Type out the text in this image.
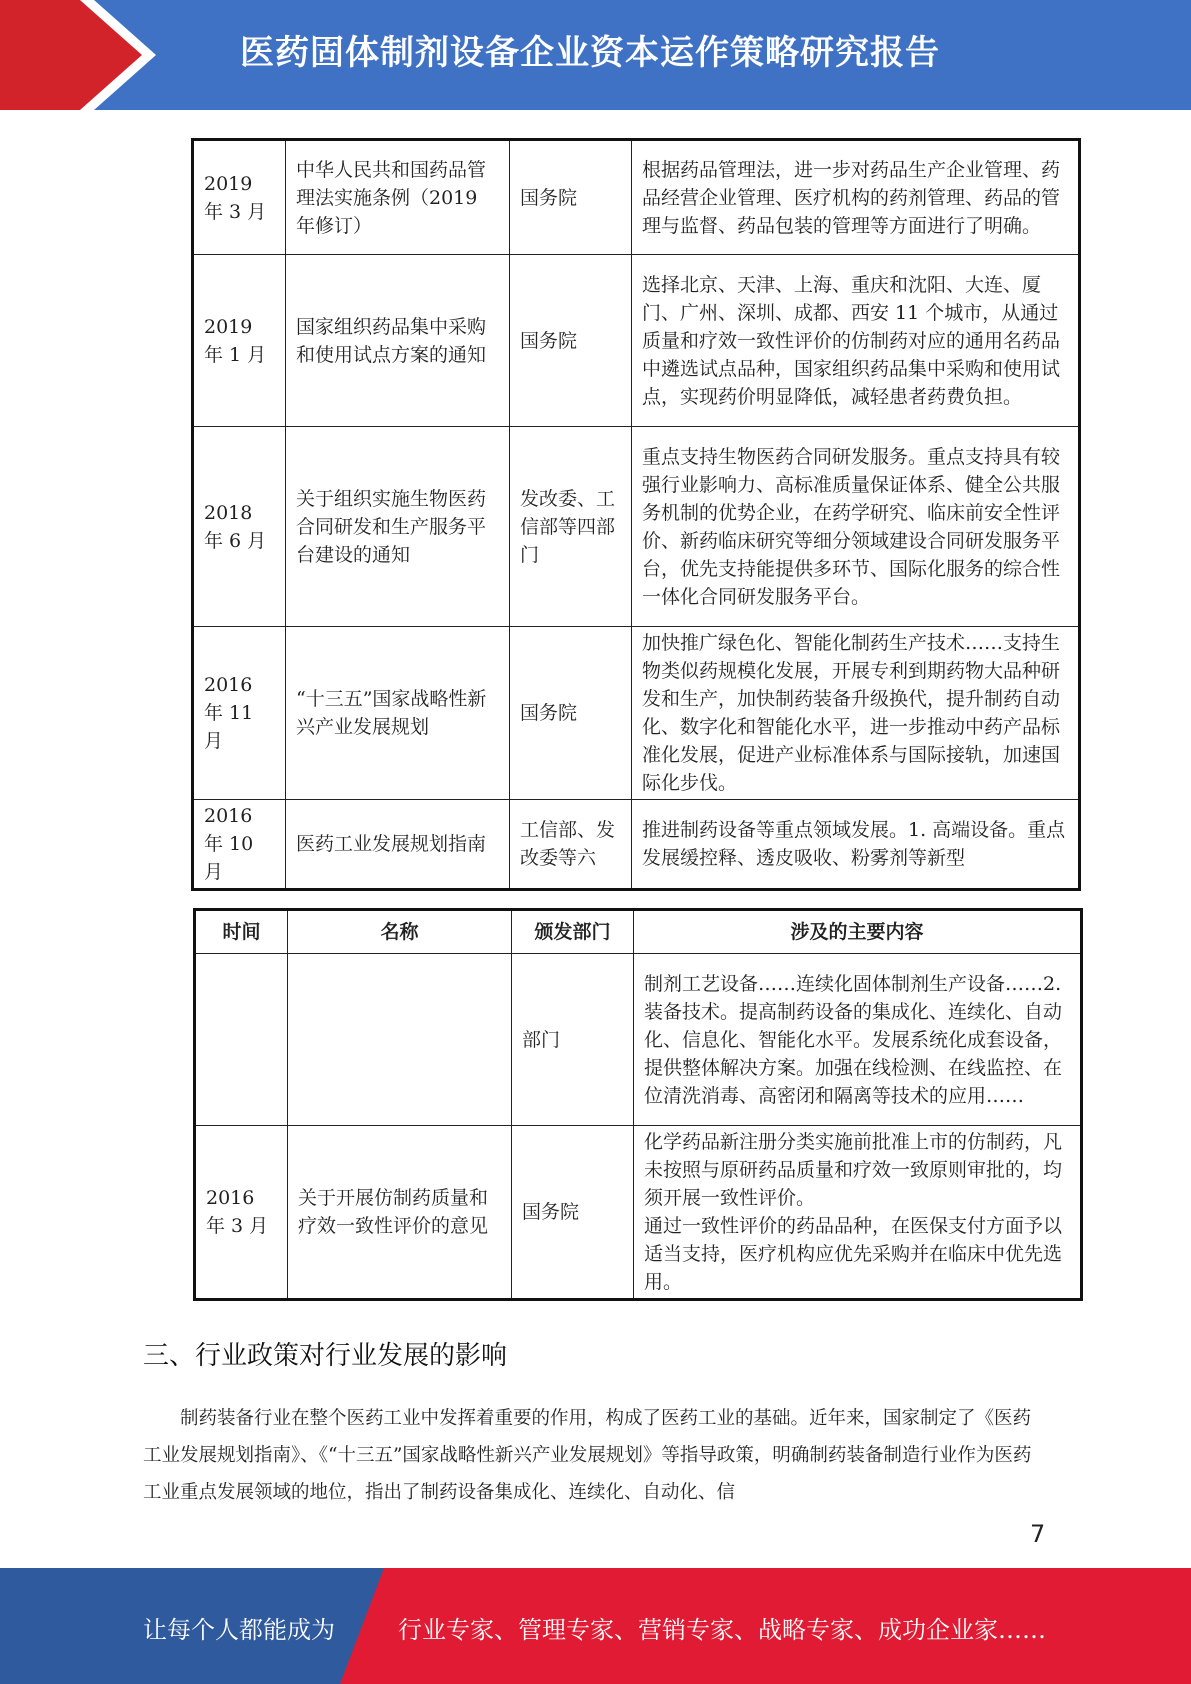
医药固体制剂设备企业资本运作策略研究报告
2019 年 3 月	中华人民共和国药品管理法实施条例（2019 年修订）	国务院	根据药品管理法，进一步对药品生产企业管理、药品经营企业管理、医疗机构的药剂管理、药品的管理与监督、药品包装的管理等方面进行了明确。
2019 年 1 月	国家组织药品集中采购和使用试点方案的通知	国务院	选择北京、天津、上海、重庆和沈阳、大连、厦门、广州、深圳、成都、西安 11 个城市，从通过质量和疗效一致性评价的仿制药对应的通用名药品中遴选试点品种，国家组织药品集中采购和使用试点，实现药价明显降低，减轻患者药费负担。
2018 年 6 月	关于组织实施生物医药合同研发和生产服务平台建设的通知	发改委、工信部等四部门	重点支持生物医药合同研发服务。重点支持具有较强行业影响力、高标准质量保证体系、健全公共服务机制的优势企业，在药学研究、临床前安全性评价、新药临床研究等细分领域建设合同研发服务平台，优先支持能提供多环节、国际化服务的综合性一体化合同研发服务平台。
2016 年 11 月	“十三五”国家战略性新兴产业发展规划	国务院	加快推广绿色化、智能化制药生产技术……支持生物类似药规模化发展，开展专利到期药物大品种研发和生产，加快制药装备升级换代，提升制药自动化、数字化和智能化水平，进一步推动中药产品标准化发展，促进产业标准体系与国际接轨，加速国际化步伐。
2016 年 10 月	医药工业发展规划指南	工信部、发改委等六	推进制药设备等重点领域发展。1. 高端设备。重点发展缓控释、透皮吸收、粉雾剂等新型
时间	名称	颁发部门	涉及的主要内容
		部门	制剂工艺设备……连续化固体制剂生产设备……2. 装备技术。提高制药设备的集成化、连续化、自动化、信息化、智能化水平。发展系统化成套设备，提供整体解决方案。加强在线检测、在线监控、在位清洗消毒、高密闭和隔离等技术的应用……
2016 年 3 月	关于开展仿制药质量和疗效一致性评价的意见	国务院	化学药品新注册分类实施前批准上市的仿制药，凡未按照与原研药品质量和疗效一致原则审批的，均须开展一致性评价。
通过一致性评价的药品品种，在医保支付方面予以适当支持，医疗机构应优先采购并在临床中优先选用。
三、行业政策对行业发展的影响
制药装备行业在整个医药工业中发挥着重要的作用，构成了医药工业的基础。近年来，国家制定了《医药工业发展规划指南》、《“十三五”国家战略性新兴产业发展规划》等指导政策，明确制药装备制造行业作为医药工业重点发展领域的地位，指出了制药设备集成化、连续化、自动化、信
7
让每个人都能成为	行业专家、管理专家、营销专家、战略专家、成功企业家……
